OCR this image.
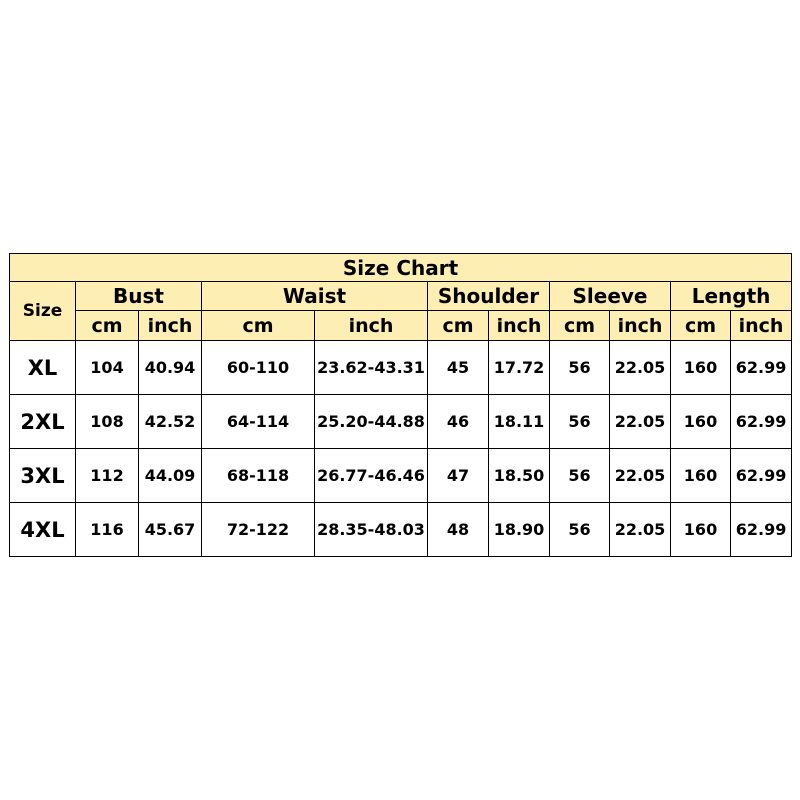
Size Chart										
Size	Bust		Waist		Shoulder		Sleeve		Length	
	cm	inch	cm	inch	cm	inch	cm	inch	cm	inch
XL	104	40.94	60-110	23.62-43.31	45	17.72	56	22.05	160	62.99
2XL	108	42.52	64-114	25.20-44.88	46	18.11	56	22.05	160	62.99
3XL	112	44.09	68-118	26.77-46.46	47	18.50	56	22.05	160	62.99
4XL	116	45.67	72-122	28.35-48.03	48	18.90	56	22.05	160	62.99
